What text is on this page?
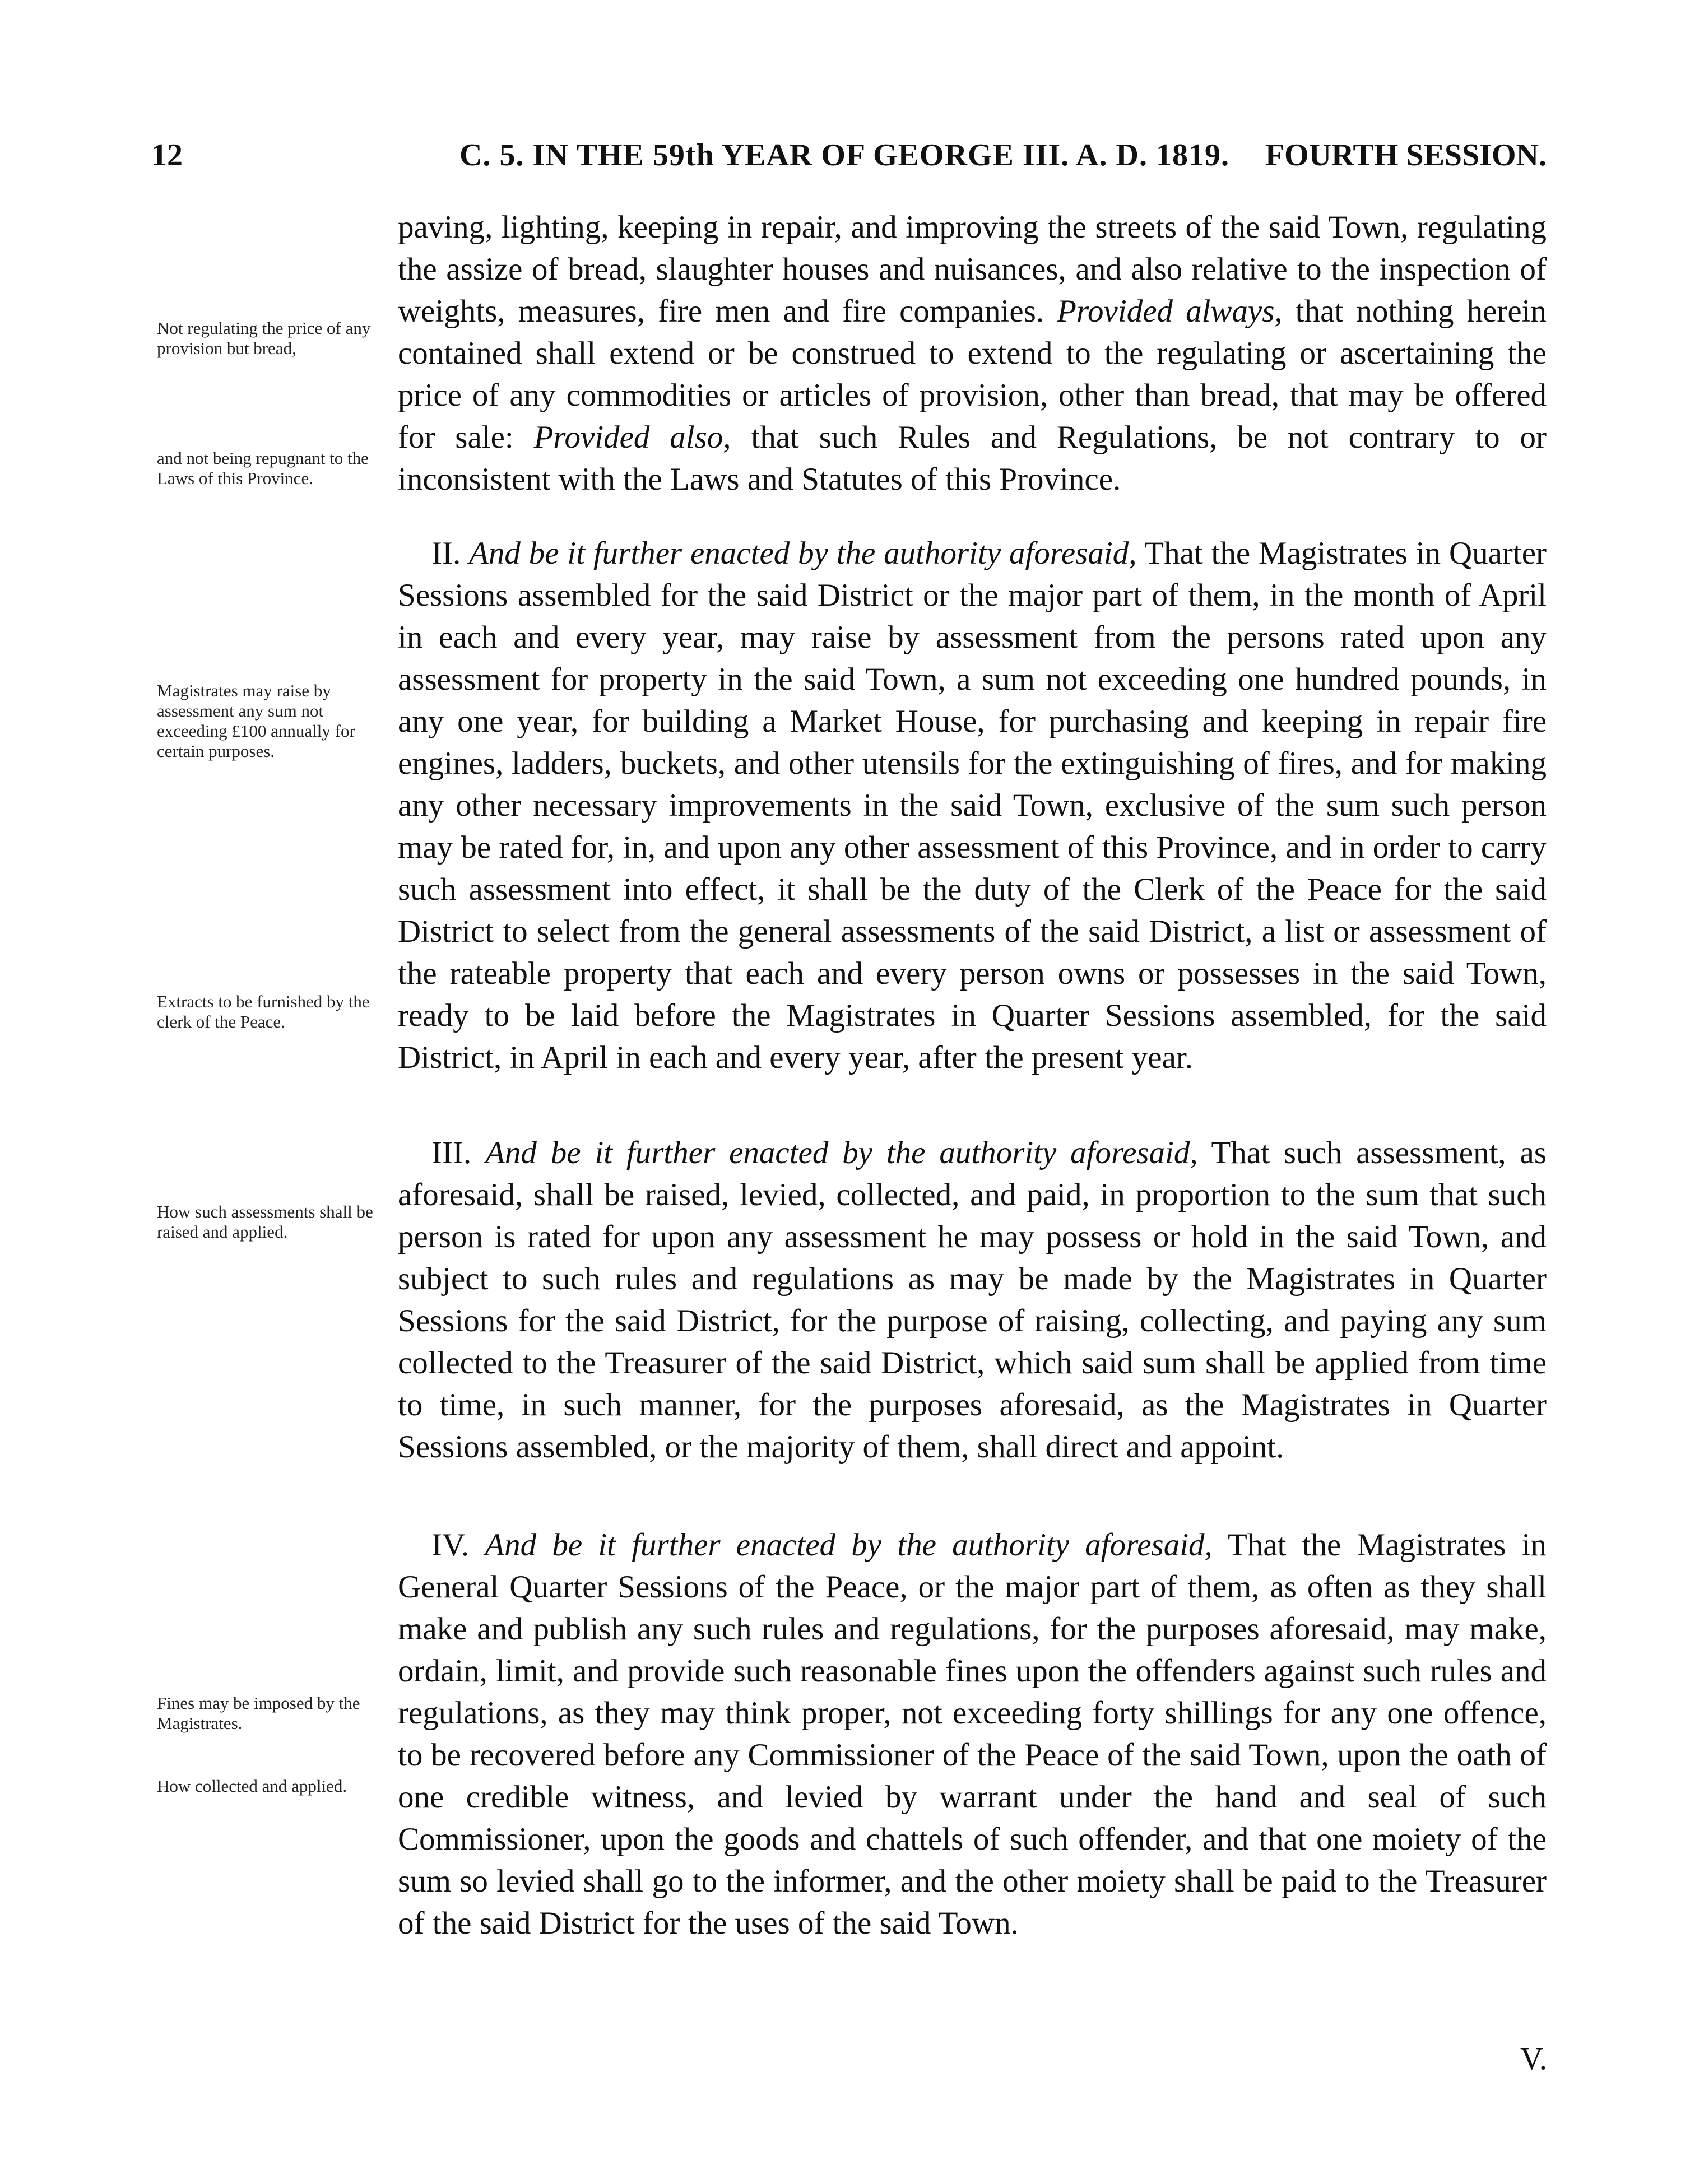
12	C. 5. IN THE 59th YEAR OF GEORGE III. A. D. 1819. FOURTH SESSION.

paving, lighting, keeping in repair, and improving the streets of the said Town, regulating the assize of bread, slaughter houses and nuisances, and also relative to the inspection of weights, measures, fire men and fire companies. Provided always, that nothing herein contained shall extend or be construed to extend to the regulating or ascertaining the price of any commodities or articles of provision, other than bread, that may be offered for sale: Provided also, that such Rules and Regulations, be not contrary to or inconsistent with the Laws and Statutes of this Province.

II. And be it further enacted by the authority aforesaid, That the Magistrates in Quarter Sessions assembled for the said District or the major part of them, in the month of April in each and every year, may raise by assessment from the persons rated upon any assessment for property in the said Town, a sum not exceeding one hundred pounds, in any one year, for building a Market House, for purchasing and keeping in repair fire engines, ladders, buckets, and other utensils for the extinguishing of fires, and for making any other necessary improvements in the said Town, exclusive of the sum such person may be rated for, in, and upon any other assessment of this Province, and in order to carry such assessment into effect, it shall be the duty of the Clerk of the Peace for the said District to select from the general assessments of the said District, a list or assessment of the rateable property that each and every person owns or possesses in the said Town, ready to be laid before the Magistrates in Quarter Sessions assembled, for the said District, in April in each and every year, after the present year.

III. And be it further enacted by the authority aforesaid, That such assessment, as aforesaid, shall be raised, levied, collected, and paid, in proportion to the sum that such person is rated for upon any assessment he may possess or hold in the said Town, and subject to such rules and regulations as may be made by the Magistrates in Quarter Sessions for the said District, for the purpose of raising, collecting, and paying any sum collected to the Treasurer of the said District, which said sum shall be applied from time to time, in such manner, for the purposes aforesaid, as the Magistrates in Quarter Sessions assembled, or the majority of them, shall direct and appoint.

IV. And be it further enacted by the authority aforesaid, That the Magistrates in General Quarter Sessions of the Peace, or the major part of them, as often as they shall make and publish any such rules and regulations, for the purposes aforesaid, may make, ordain, limit, and provide such reasonable fines upon the offenders against such rules and regulations, as they may think proper, not exceeding forty shillings for any one offence, to be recovered before any Commissioner of the Peace of the said Town, upon the oath of one credible witness, and levied by warrant under the hand and seal of such Commissioner, upon the goods and chattels of such offender, and that one moiety of the sum so levied shall go to the informer, and the other moiety shall be paid to the Treasurer of the said District for the uses of the said Town.

Not regulating the price of any provision but bread,
and not being repugnant to the Laws of this Province.
Magistrates may raise by assessment any sum not exceeding £100 annually for certain purposes.
Extracts to be furnished by the clerk of the Peace.
How such assessments shall be raised and applied.
Fines may be imposed by the Magistrates.
How collected and applied.
V.
